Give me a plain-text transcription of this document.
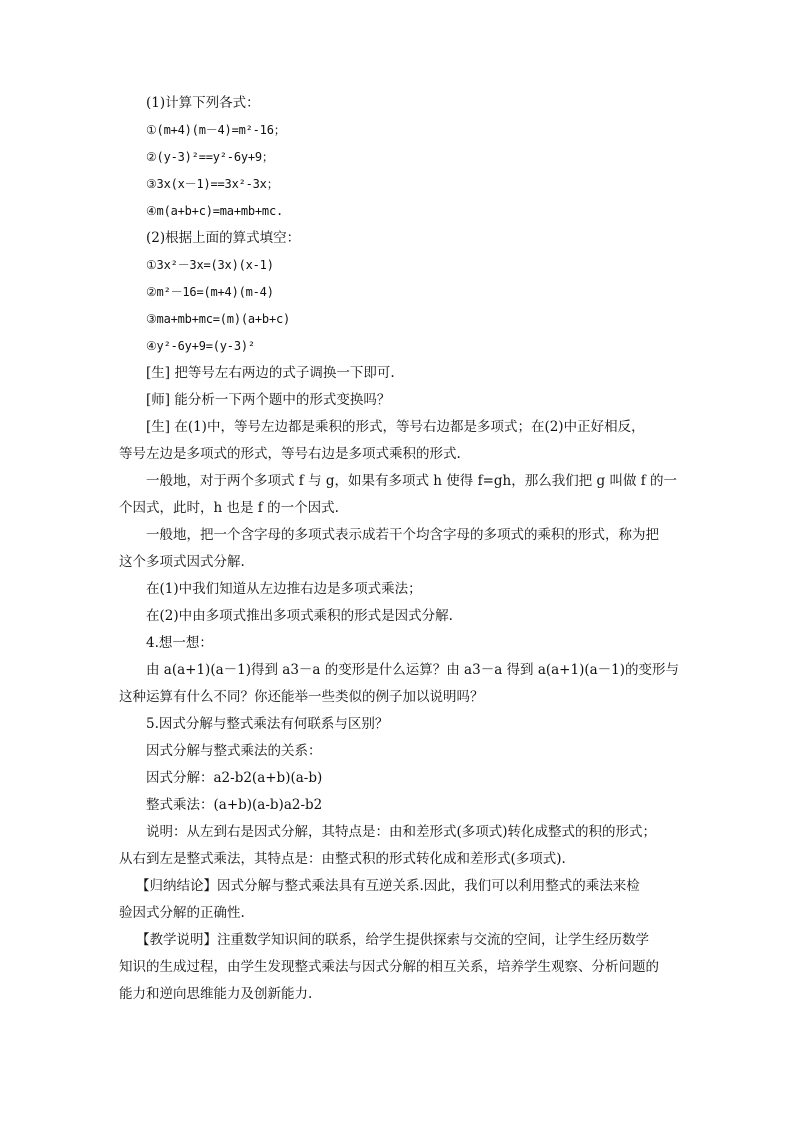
(1)计算下列各式：
①(m+4)(m－4)=m²-16；
②(y-3)²==y²-6y+9；
③3x(x－1)==3x²-3x；
④m(a+b+c)=ma+mb+mc.
(2)根据上面的算式填空：
①3x²－3x=(3x)(x-1)
②m²－16=(m+4)(m-4)
③ma+mb+mc=(m)(a+b+c)
④y²-6y+9=(y-3)²
[生] 把等号左右两边的式子调换一下即可.
[师] 能分析一下两个题中的形式变换吗？
[生] 在(1)中，等号左边都是乘积的形式，等号右边都是多项式；在(2)中正好相反，
等号左边是多项式的形式，等号右边是多项式乘积的形式.
一般地，对于两个多项式 f 与 g，如果有多项式 h 使得 f=gh，那么我们把 g 叫做 f 的一
个因式，此时，h 也是 f 的一个因式.
一般地，把一个含字母的多项式表示成若干个均含字母的多项式的乘积的形式，称为把
这个多项式因式分解.
在(1)中我们知道从左边推右边是多项式乘法；
在(2)中由多项式推出多项式乘积的形式是因式分解.
4.想一想：
由 a(a+1)(a－1)得到 a3－a 的变形是什么运算？由 a3－a 得到 a(a+1)(a－1)的变形与
这种运算有什么不同？你还能举一些类似的例子加以说明吗？
5.因式分解与整式乘法有何联系与区别？
因式分解与整式乘法的关系：
因式分解：a2-b2(a+b)(a-b)
整式乘法：(a+b)(a-b)a2-b2
说明：从左到右是因式分解，其特点是：由和差形式(多项式)转化成整式的积的形式；
从右到左是整式乘法，其特点是：由整式积的形式转化成和差形式(多项式).
【归纳结论】因式分解与整式乘法具有互逆关系.因此，我们可以利用整式的乘法来检
验因式分解的正确性.
【教学说明】注重数学知识间的联系，给学生提供探索与交流的空间，让学生经历数学
知识的生成过程，由学生发现整式乘法与因式分解的相互关系，培养学生观察、分析问题的
能力和逆向思维能力及创新能力.
